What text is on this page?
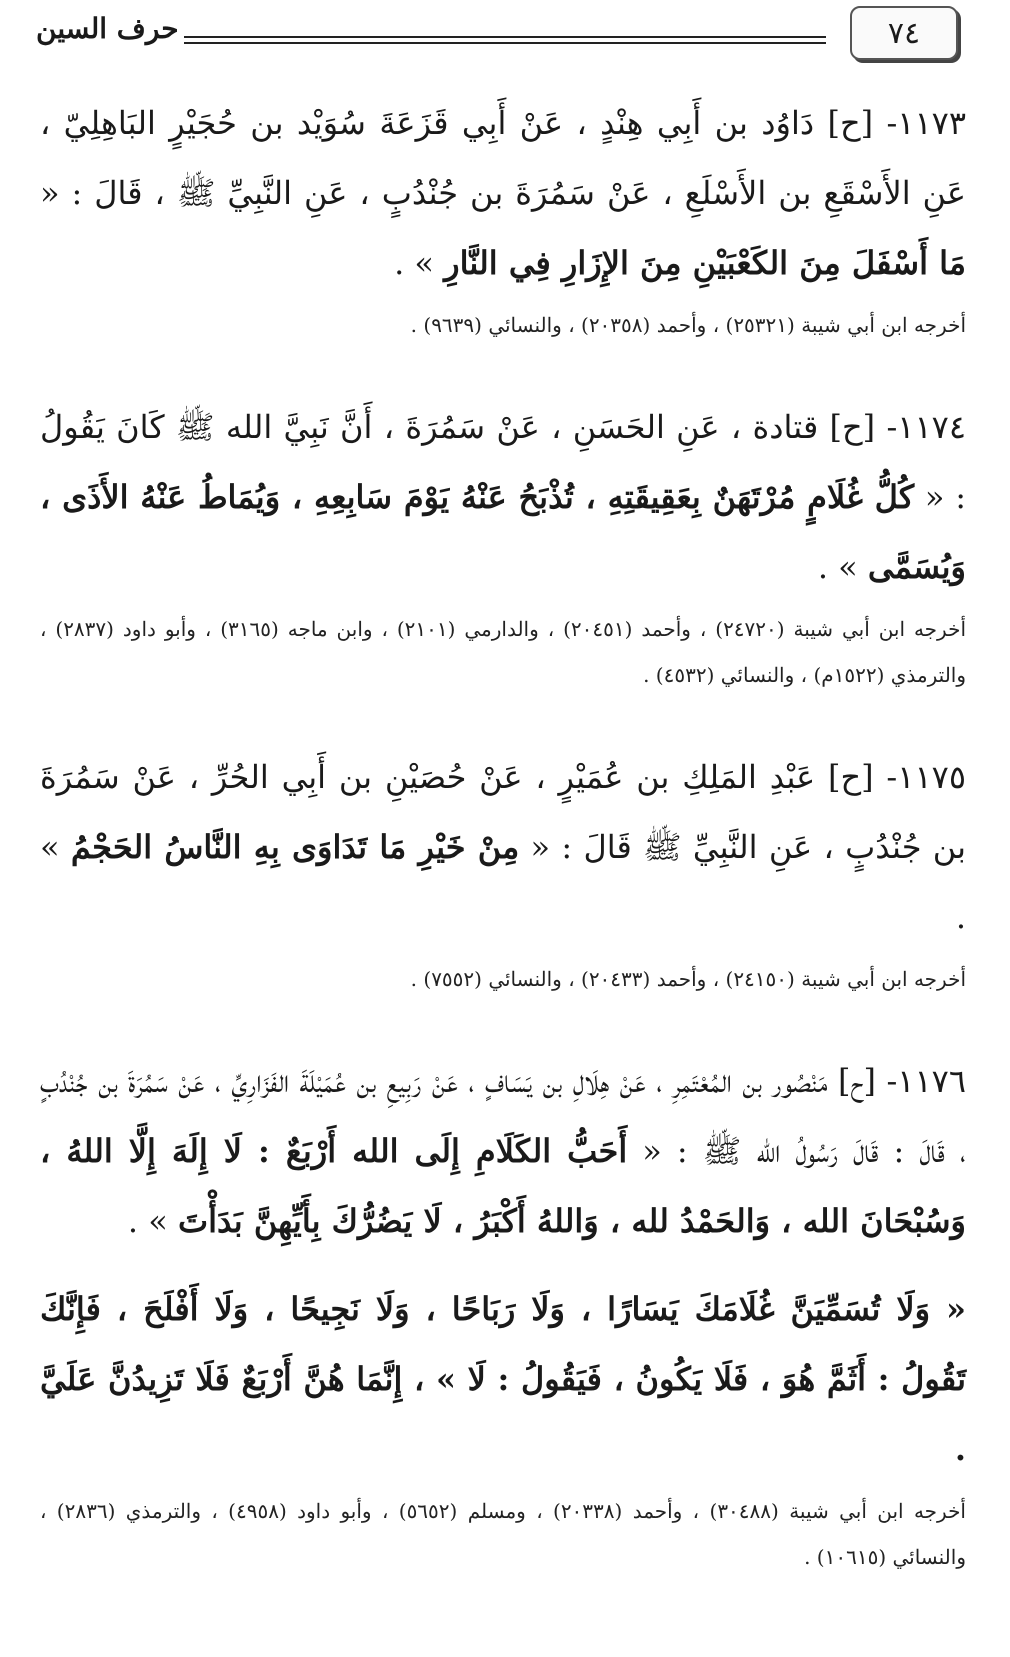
٧٤
حرف السين

١١٧٣- [ح] دَاوُد بن أَبِي هِنْدٍ ، عَنْ أَبِي قَزَعَةَ سُوَيْد بن حُجَيْرٍ البَاهِلِيّ ، عَنِ الأَسْقَعِ بن الأَسْلَعِ ، عَنْ سَمُرَةَ بن جُنْدُبٍ ، عَنِ النَّبِيِّ ﷺ ، قَالَ : « مَا أَسْفَلَ مِنَ الكَعْبَيْنِ مِنَ الإِزَارِ فِي النَّارِ » .

أخرجه ابن أبي شيبة (٢٥٣٢١) ، وأحمد (٢٠٣٥٨) ، والنسائي (٩٦٣٩) .

١١٧٤- [ح] قتادة ، عَنِ الحَسَنِ ، عَنْ سَمُرَةَ ، أَنَّ نَبِيَّ الله ﷺ كَانَ يَقُولُ : « كُلُّ غُلَامٍ مُرْتَهَنٌ بِعَقِيقَتِهِ ، تُذْبَحُ عَنْهُ يَوْمَ سَابِعِهِ ، وَيُمَاطُ عَنْهُ الأَذَى ، وَيُسَمَّى » .

أخرجه ابن أبي شيبة (٢٤٧٢٠) ، وأحمد (٢٠٤٥١) ، والدارمي (٢١٠١) ، وابن ماجه (٣١٦٥) ، وأبو داود (٢٨٣٧) ، والترمذي (١٥٢٢م) ، والنسائي (٤٥٣٢) .

١١٧٥- [ح] عَبْدِ المَلِكِ بن عُمَيْرٍ ، عَنْ حُصَيْنِ بن أَبِي الحُرِّ ، عَنْ سَمُرَةَ بن جُنْدُبٍ ، عَنِ النَّبِيِّ ﷺ قَالَ : « مِنْ خَيْرِ مَا تَدَاوَى بِهِ النَّاسُ الحَجْمُ » .

أخرجه ابن أبي شيبة (٢٤١٥٠) ، وأحمد (٢٠٤٣٣) ، والنسائي (٧٥٥٢) .

١١٧٦- [ح] مَنْصُور بن المُعْتَمِرِ ، عَنْ هِلَالِ بن يَسَافٍ ، عَنْ رَبِيعِ بن عُمَيْلَةَ الفَزَارِيِّ ، عَنْ سَمُرَةَ بن جُنْدُبٍ ، قَالَ : قَالَ رَسُولُ الله ﷺ : « أَحَبُّ الكَلَامِ إِلَى الله أَرْبَعٌ : لَا إِلَهَ إِلَّا اللهُ ، وَسُبْحَانَ الله ، وَالحَمْدُ لله ، وَاللهُ أَكْبَرُ ، لَا يَضُرُّكَ بِأَيِّهِنَّ بَدَأْتَ » .

« وَلَا تُسَمِّيَنَّ غُلَامَكَ يَسَارًا ، وَلَا رَبَاحًا ، وَلَا نَجِيحًا ، وَلَا أَفْلَحَ ، فَإِنَّكَ تَقُولُ : أَثَمَّ هُوَ ، فَلَا يَكُونُ ، فَيَقُولُ : لَا » ، إِنَّمَا هُنَّ أَرْبَعٌ فَلَا تَزِيدُنَّ عَلَيَّ .

أخرجه ابن أبي شيبة (٣٠٤٨٨) ، وأحمد (٢٠٣٣٨) ، ومسلم (٥٦٥٢) ، وأبو داود (٤٩٥٨) ، والترمذي (٢٨٣٦) ، والنسائي (١٠٦١٥) .
